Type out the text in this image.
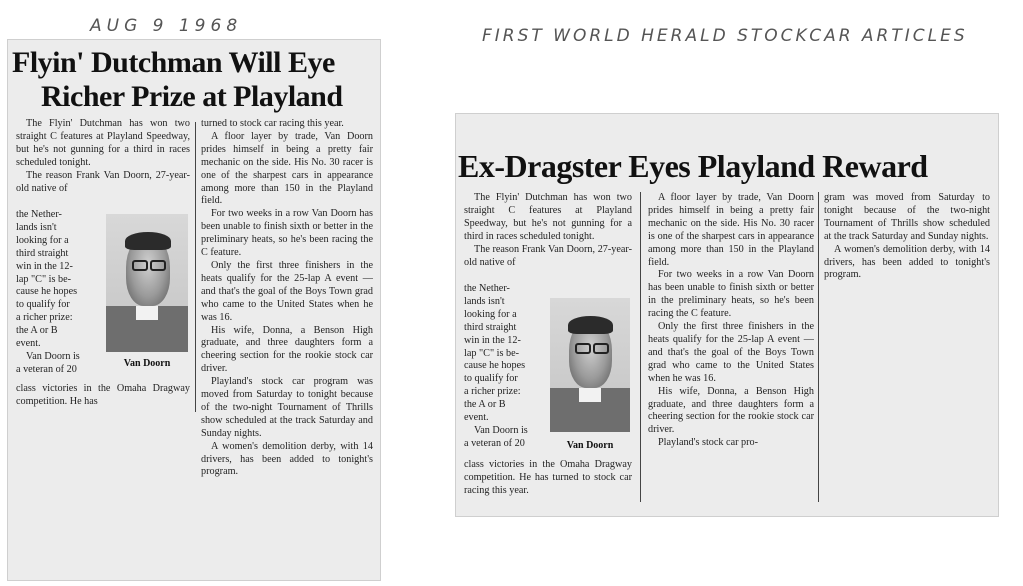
AUG 9 1968	FIRST WORLD HERALD STOCKCAR ARTICLES
Flyin' Dutchman Will Eye
Richer Prize at Playland

The Flyin' Dutchman has won two straight C features at Playland Speedway, but he's not gunning for a third in races scheduled tonight.

The reason Frank Van Doorn, 27-year-old native of

the Nether-
lands isn't
looking for a
third straight
win in the 12-
lap "C" is be-
cause he hopes
to qualify for
a richer prize:
the A or B
event.
Van Doorn is
a veteran of 20
Van Doorn

class victories in the Omaha Dragway competition. He has

turned to stock car racing this year.

A floor layer by trade, Van Doorn prides himself in being a pretty fair mechanic on the side. His No. 30 racer is one of the sharpest cars in appearance among more than 150 in the Playland field.

For two weeks in a row Van Doorn has been unable to finish sixth or better in the preliminary heats, so he's been racing the C feature.

Only the first three finishers in the heats qualify for the 25-lap A event — and that's the goal of the Boys Town grad who came to the United States when he was 16.

His wife, Donna, a Benson High graduate, and three daughters form a cheering section for the rookie stock car driver.

Playland's stock car program was moved from Saturday to tonight because of the two-night Tournament of Thrills show scheduled at the track Saturday and Sunday nights.

A women's demolition derby, with 14 drivers, has been added to tonight's program.

Ex-Dragster Eyes Playland Reward

The Flyin' Dutchman has won two straight C features at Playland Speedway, but he's not gunning for a third in races scheduled tonight.

The reason Frank Van Doorn, 27-year-old native of

the Nether-
lands isn't
looking for a
third straight
win in the 12-
lap "C" is be-
cause he hopes
to qualify for
a richer prize:
the A or B
event.
Van Doorn is
a veteran of 20	Van Doorn

class victories in the Omaha Dragway competition. He has turned to stock car racing this year.

A floor layer by trade, Van Doorn prides himself in being a pretty fair mechanic on the side. His No. 30 racer is one of the sharpest cars in appearance among more than 150 in the Playland field.

For two weeks in a row Van Doorn has been unable to finish sixth or better in the preliminary heats, so he's been racing the C feature.

Only the first three finishers in the heats qualify for the 25-lap A event — and that's the goal of the Boys Town grad who came to the United States when he was 16.

His wife, Donna, a Benson High graduate, and three daughters form a cheering section for the rookie stock car driver.

Playland's stock car pro-

gram was moved from Saturday to tonight because of the two-night Tournament of Thrills show scheduled at the track Saturday and Sunday nights.

A women's demolition derby, with 14 drivers, has been added to tonight's program.
